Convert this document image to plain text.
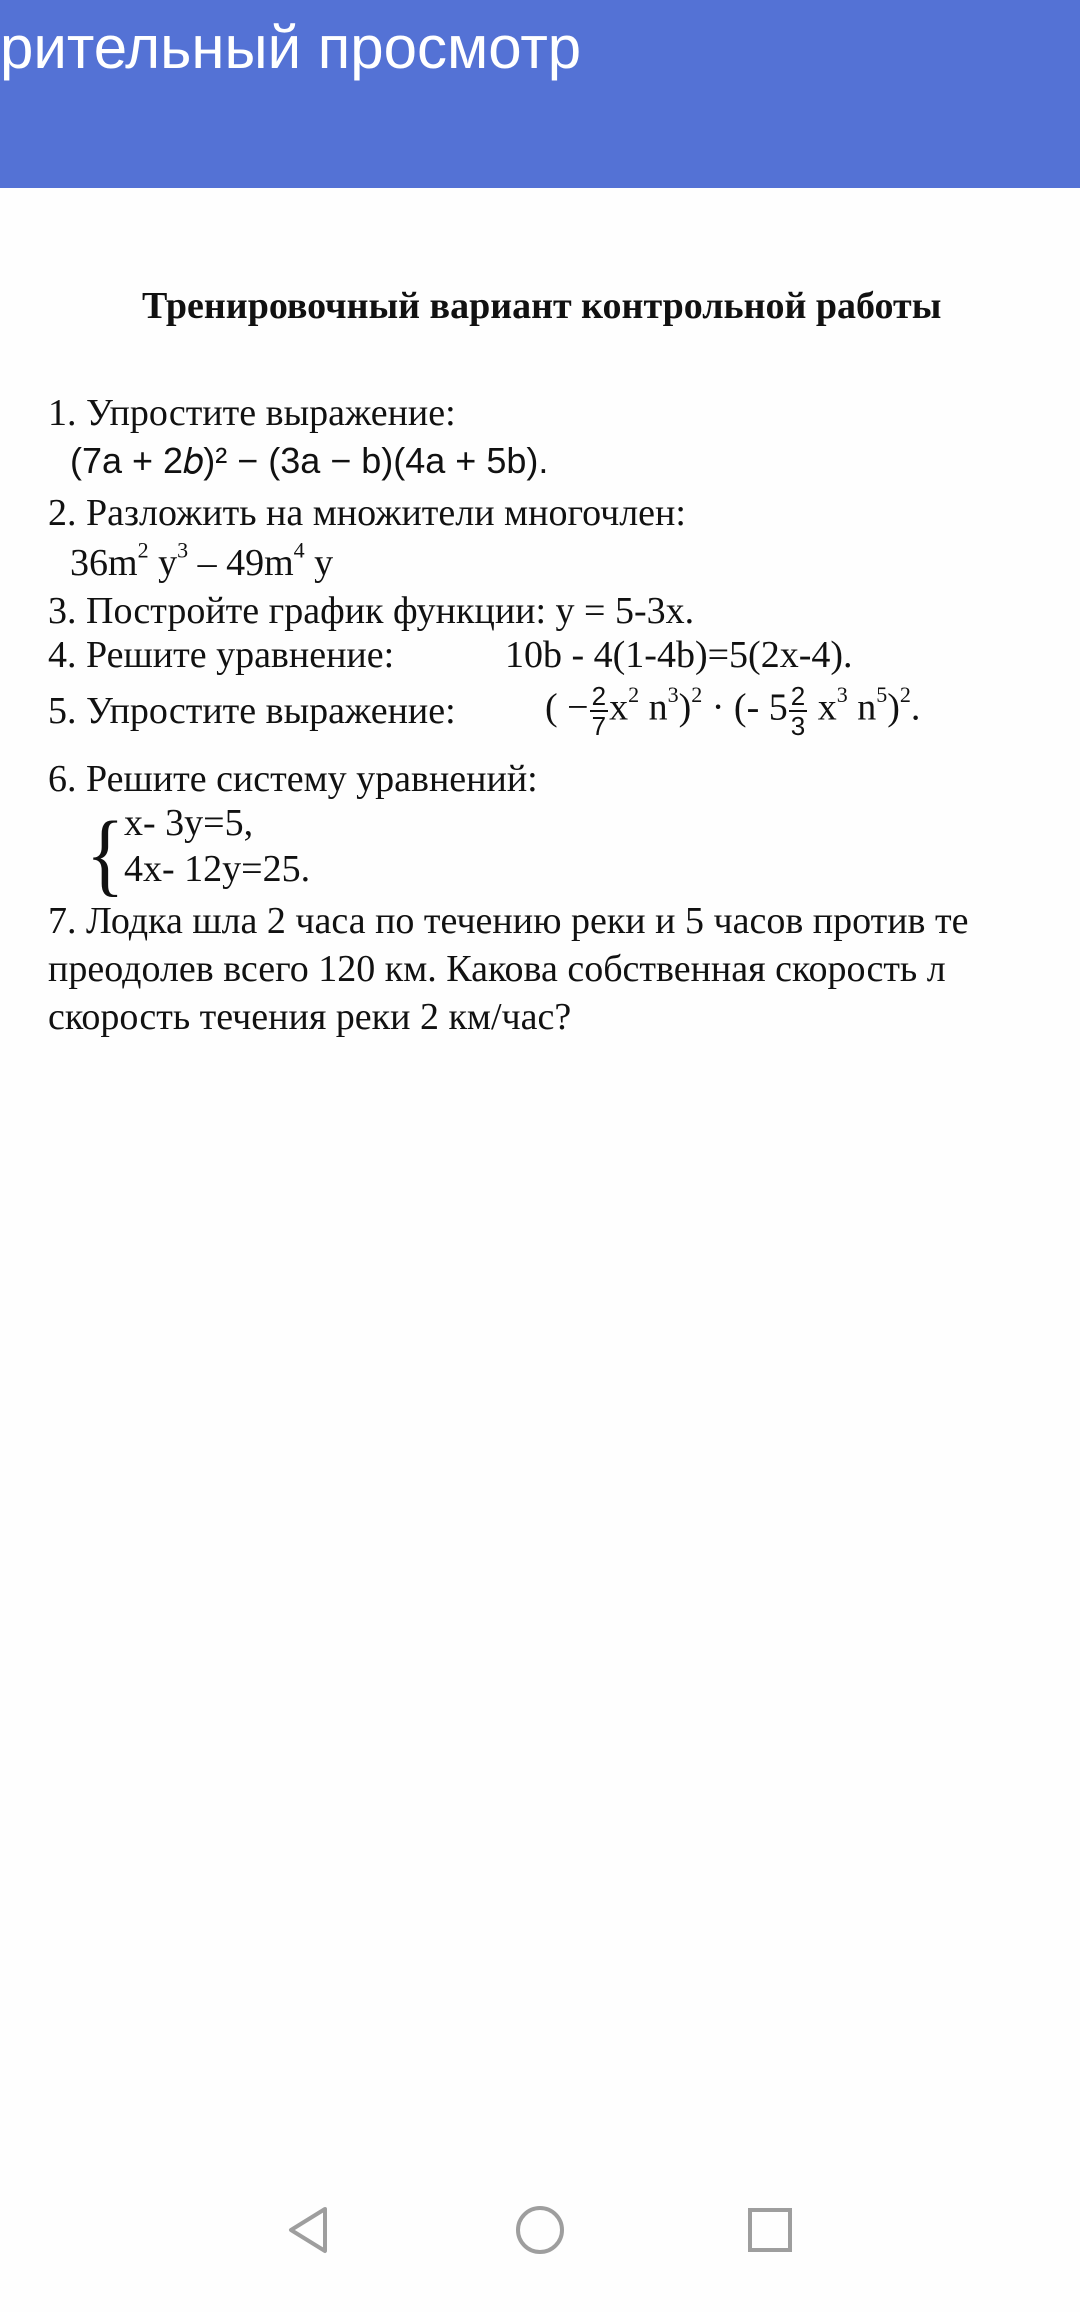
рительный просмотр
Тренировочный вариант контрольной работы
1. Упростите выражение:
(7a + 2𝑏)² − (3a − b)(4a + 5b).
2. Разложить на множители многочлен:
$36m^2$ $y^3 - 49m^4$ y
3. Постройте график функции: y = 5-3x.
4. Решите уравнение:	10b - 4(1-4b)=5(2x-4).
5. Упростите выражение: ( − $\frac{2}{7} x^2$ $n^3)^2$ · (- $5 \frac{2}{3} x^3$ $n^5)^2$.
6. Решите систему уравнений:
{ x- 3y=5,
4x- 12y=25.
7. Лодка шла 2 часа по течению реки и 5 часов против те
преодолев всего 120 км. Какова собственная скорость л
скорость течения реки 2 км/час?
